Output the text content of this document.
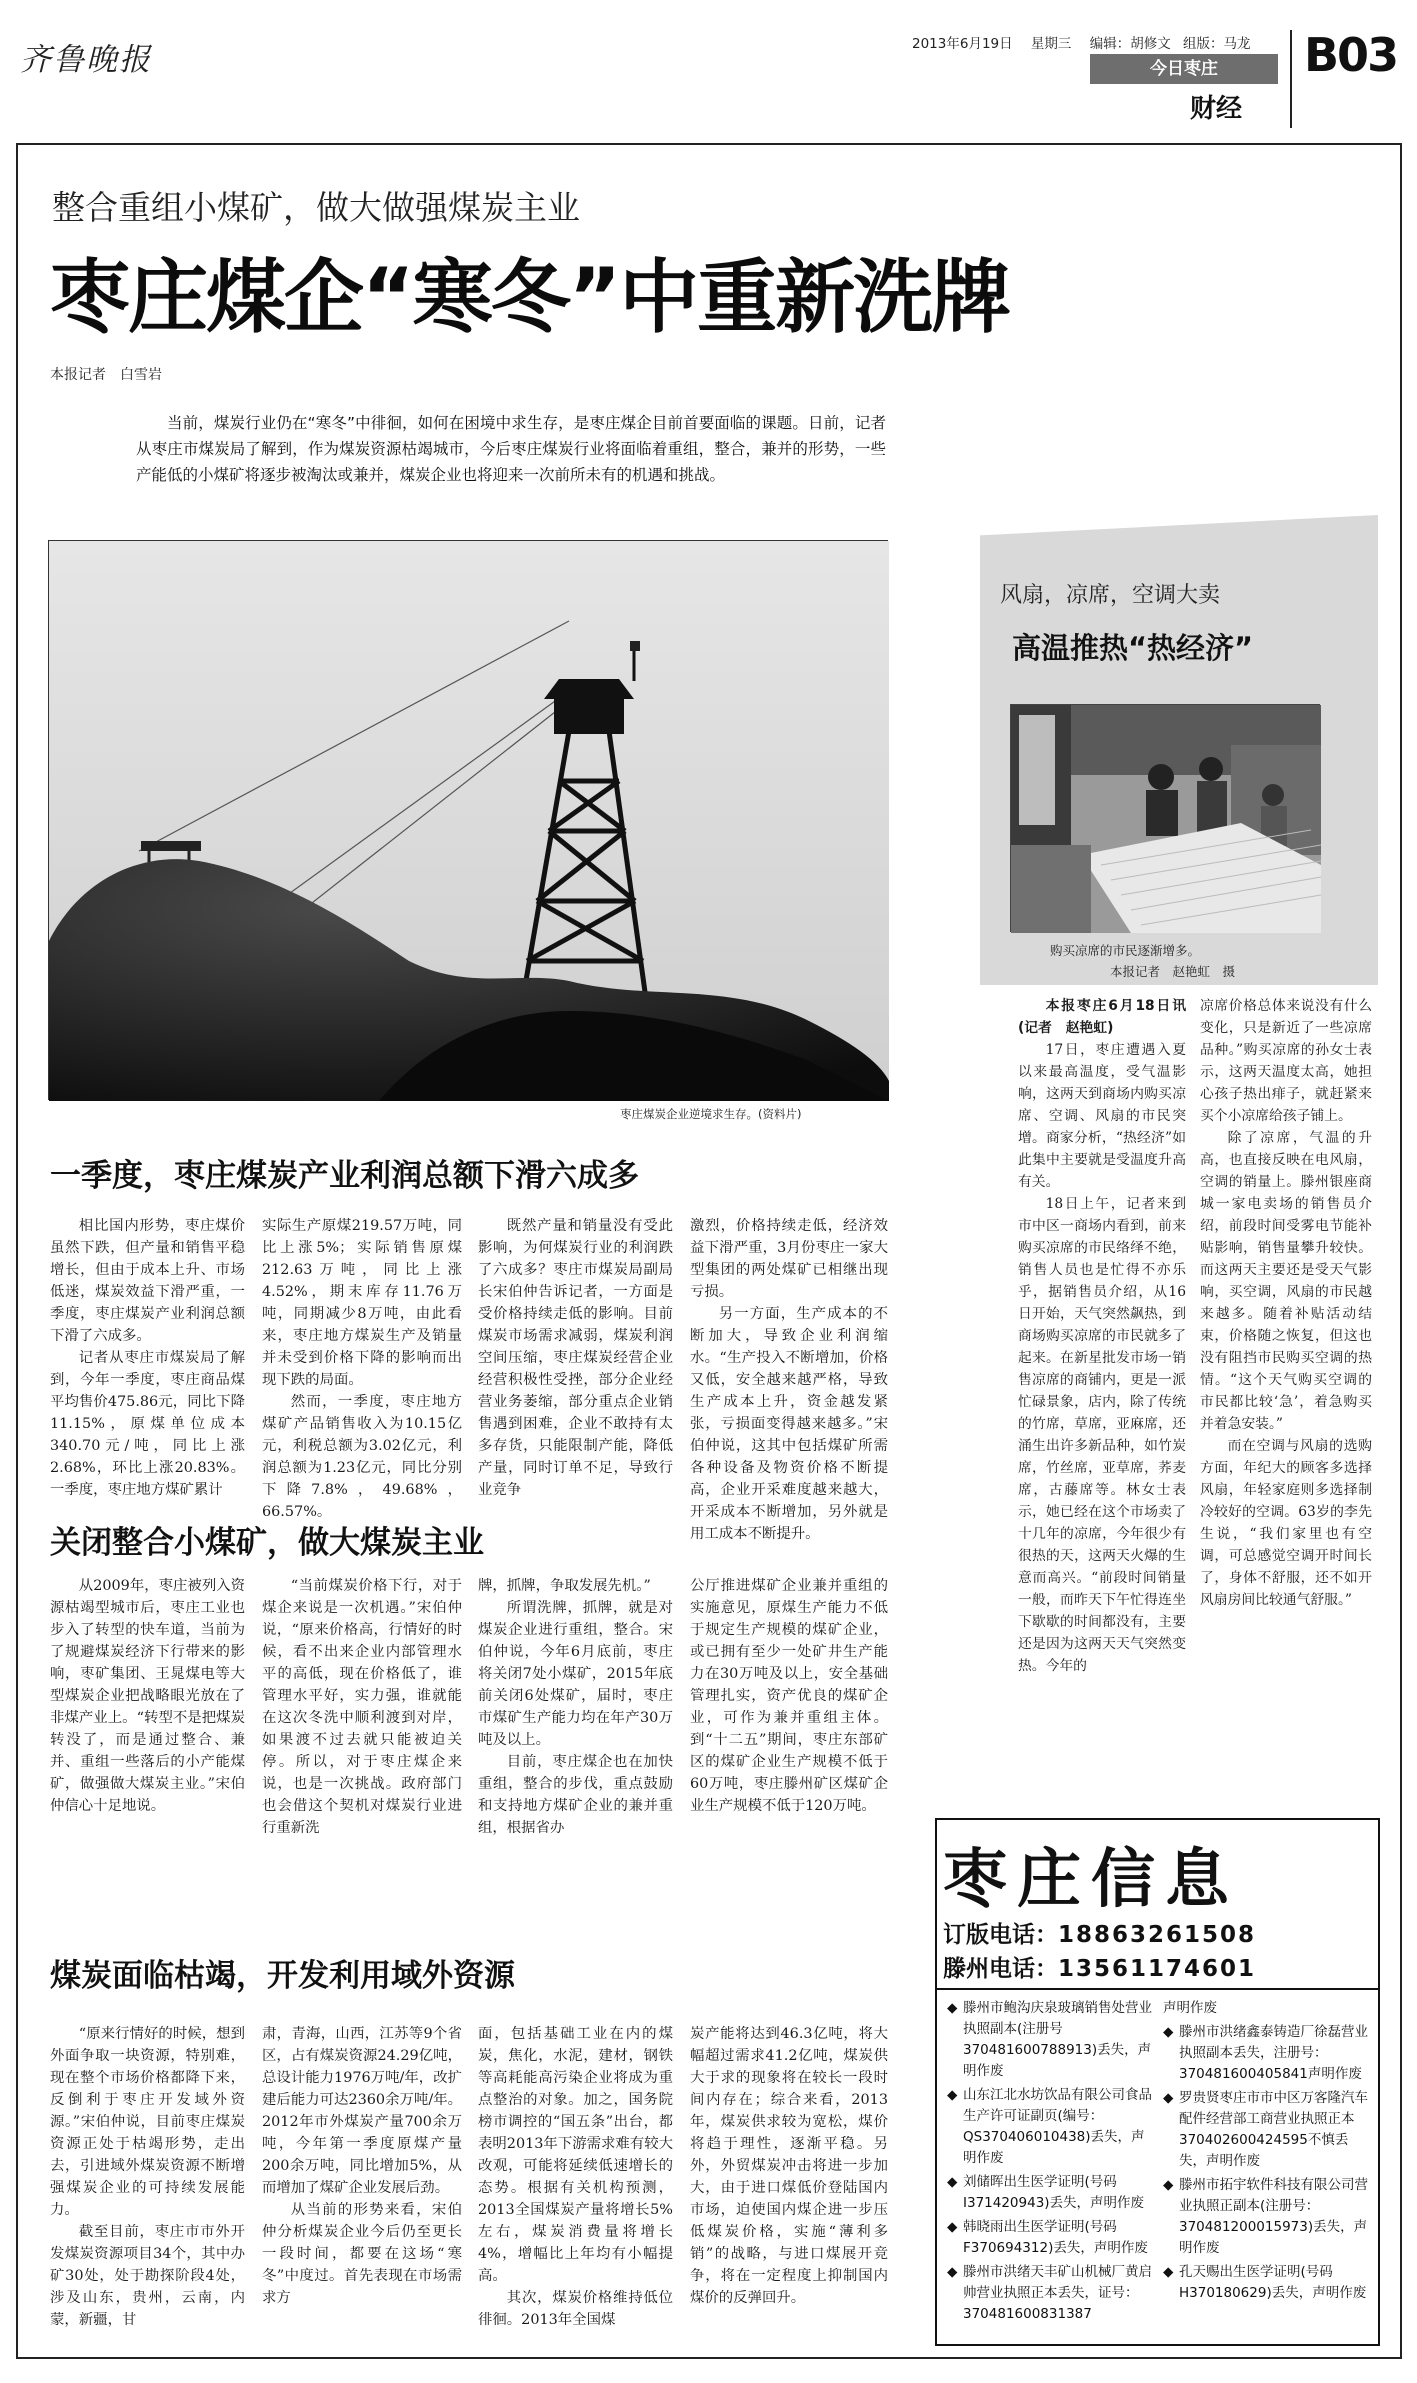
齐鲁晚报	2013年6月19日 星期三 编辑：胡修文 组版：马龙
今日枣庄
财经
B03
整合重组小煤矿，做大做强煤炭主业
枣庄煤企“寒冬”中重新洗牌
本报记者　白雪岩

当前，煤炭行业仍在“寒冬”中徘徊，如何在困境中求生存，是枣庄煤企目前首要面临的课题。日前，记者从枣庄市煤炭局了解到，作为煤炭资源枯竭城市，今后枣庄煤炭行业将面临着重组，整合，兼并的形势，一些产能低的小煤矿将逐步被淘汰或兼并，煤炭企业也将迎来一次前所未有的机遇和挑战。

枣庄煤炭企业逆境求生存。(资料片)
一季度，枣庄煤炭产业利润总额下滑六成多

相比国内形势，枣庄煤价虽然下跌，但产量和销售平稳增长，但由于成本上升、市场低迷，煤炭效益下滑严重，一季度，枣庄煤炭产业利润总额下滑了六成多。

记者从枣庄市煤炭局了解到，今年一季度，枣庄商品煤平均售价475.86元，同比下降11.15%，原煤单位成本340.70元/吨，同比上涨2.68%，环比上涨20.83%。一季度，枣庄地方煤矿累计

实际生产原煤219.57万吨，同比上涨5%；实际销售原煤212.63万吨，同比上涨4.52%，期末库存11.76万吨，同期减少8万吨，由此看来，枣庄地方煤炭生产及销量并未受到价格下降的影响而出现下跌的局面。

然而，一季度，枣庄地方煤矿产品销售收入为10.15亿元，利税总额为3.02亿元，利润总额为1.23亿元，同比分别下降7.8%，49.68%，66.57%。

既然产量和销量没有受此影响，为何煤炭行业的利润跌了六成多？枣庄市煤炭局副局长宋伯仲告诉记者，一方面是受价格持续走低的影响。目前煤炭市场需求减弱，煤炭利润空间压缩，枣庄煤炭经营企业经营积极性受挫，部分企业经营业务萎缩，部分重点企业销售遇到困难，企业不敢持有太多存货，只能限制产能，降低产量，同时订单不足，导致行业竞争

激烈，价格持续走低，经济效益下滑严重，3月份枣庄一家大型集团的两处煤矿已相继出现亏损。

另一方面，生产成本的不断加大，导致企业利润缩水。“生产投入不断增加，价格又低，安全越来越严格，导致生产成本上升，资金越发紧张，亏损面变得越来越多。”宋伯仲说，这其中包括煤矿所需各种设备及物资价格不断提高，企业开采难度越来越大，开采成本不断增加，另外就是用工成本不断提升。

关闭整合小煤矿，做大煤炭主业

从2009年，枣庄被列入资源枯竭型城市后，枣庄工业也步入了转型的快车道，当前为了规避煤炭经济下行带来的影响，枣矿集团、王晁煤电等大型煤炭企业把战略眼光放在了非煤产业上。“转型不是把煤炭转没了，而是通过整合、兼并、重组一些落后的小产能煤矿，做强做大煤炭主业。”宋伯仲信心十足地说。

“当前煤炭价格下行，对于煤企来说是一次机遇。”宋伯仲说，“原来价格高，行情好的时候，看不出来企业内部管理水平的高低，现在价格低了，谁管理水平好，实力强，谁就能在这次冬洗中顺利渡到对岸，如果渡不过去就只能被迫关停。所以，对于枣庄煤企来说，也是一次挑战。政府部门也会借这个契机对煤炭行业进行重新洗

牌，抓牌，争取发展先机。”

所谓洗牌，抓牌，就是对煤炭企业进行重组，整合。宋伯仲说，今年6月底前，枣庄将关闭7处小煤矿，2015年底前关闭6处煤矿，届时，枣庄市煤矿生产能力均在年产30万吨及以上。

目前，枣庄煤企也在加快重组，整合的步伐，重点鼓励和支持地方煤矿企业的兼并重组，根据省办

公厅推进煤矿企业兼并重组的实施意见，原煤生产能力不低于规定生产规模的煤矿企业，或已拥有至少一处矿井生产能力在30万吨及以上，安全基础管理扎实，资产优良的煤矿企业，可作为兼并重组主体。到“十二五”期间，枣庄东部矿区的煤矿企业生产规模不低于60万吨，枣庄滕州矿区煤矿企业生产规模不低于120万吨。

煤炭面临枯竭，开发利用域外资源

“原来行情好的时候，想到外面争取一块资源，特别难，现在整个市场价格都降下来，反倒利于枣庄开发域外资源。”宋伯仲说，目前枣庄煤炭资源正处于枯竭形势，走出去，引进域外煤炭资源不断增强煤炭企业的可持续发展能力。

截至目前，枣庄市市外开发煤炭资源项目34个，其中办矿30处，处于勘探阶段4处，涉及山东，贵州，云南，内蒙，新疆，甘

肃，青海，山西，江苏等9个省区，占有煤炭资源24.29亿吨，总设计能力1976万吨/年，改扩建后能力可达2360余万吨/年。2012年市外煤炭产量700余万吨，今年第一季度原煤产量200余万吨，同比增加5%，从而增加了煤矿企业发展后劲。

从当前的形势来看，宋伯仲分析煤炭企业今后仍至更长一段时间，都要在这场“寒冬”中度过。首先表现在市场需求方

面，包括基础工业在内的煤炭，焦化，水泥，建材，钢铁等高耗能高污染企业将成为重点整治的对象。加之，国务院榜市调控的“国五条”出台，都表明2013年下游需求难有较大改观，可能将延续低速增长的态势。根据有关机构预测，2013全国煤炭产量将增长5%左右，煤炭消费量将增长4%，增幅比上年均有小幅提高。

其次，煤炭价格维持低位徘徊。2013年全国煤

炭产能将达到46.3亿吨，将大幅超过需求41.2亿吨，煤炭供大于求的现象将在较长一段时间内存在；综合来看，2013年，煤炭供求较为宽松，煤价将趋于理性，逐渐平稳。另外，外贸煤炭冲击将进一步加大，由于进口煤低价登陆国内市场，迫使国内煤企进一步压低煤炭价格，实施“薄利多销”的战略，与进口煤展开竞争，将在一定程度上抑制国内煤价的反弹回升。

风扇，凉席，空调大卖
高温推热“热经济”
购买凉席的市民逐渐增多。
本报记者　赵艳虹　摄

本报枣庄6月18日讯(记者　赵艳虹)

17日，枣庄遭遇入夏以来最高温度，受气温影响，这两天到商场内购买凉席、空调、风扇的市民突增。商家分析，“热经济”如此集中主要就是受温度升高有关。

18日上午，记者来到市中区一商场内看到，前来购买凉席的市民络绎不绝，销售人员也是忙得不亦乐乎，据销售员介绍，从16日开始，天气突然飙热，到商场购买凉席的市民就多了起来。在新星批发市场一销售凉席的商铺内，更是一派忙碌景象，店内，除了传统的竹席，草席，亚麻席，还涌生出许多新品种，如竹炭席，竹丝席，亚草席，荞麦席，古藤席等。林女士表示，她已经在这个市场卖了十几年的凉席，今年很少有很热的天，这两天火爆的生意而高兴。“前段时间销量一般，而昨天下午忙得连坐下歇歇的时间都没有，主要还是因为这两天天气突然变热。今年的

凉席价格总体来说没有什么变化，只是新近了一些凉席品种。”购买凉席的孙女士表示，这两天温度太高，她担心孩子热出痱子，就赶紧来买个小凉席给孩子铺上。

除了凉席，气温的升高，也直接反映在电风扇，空调的销量上。滕州银座商城一家电卖场的销售员介绍，前段时间受雾电节能补贴影响，销售量攀升较快。而这两天主要还是受天气影响，买空调，风扇的市民越来越多。随着补贴活动结束，价格随之恢复，但这也没有阻挡市民购买空调的热情。“这个天气购买空调的市民都比较‘急’，着急购买并着急安装。”

而在空调与风扇的选购方面，年纪大的顾客多选择风扇，年轻家庭则多选择制冷较好的空调。63岁的李先生说，“我们家里也有空调，可总感觉空调开时间长了，身体不舒服，还不如开风扇房间比较通气舒服。”

枣庄信息
订版电话：18863261508
滕州电话：13561174601
◆ 滕州市鲍沟庆泉玻璃销售处营业执照副本(注册号370481600788913)丢失，声明作废
◆ 山东江北水坊饮品有限公司食品生产许可证副页(编号：QS370406010438)丢失，声明作废
◆ 刘储晖出生医学证明(号码I371420943)丢失，声明作废
◆ 韩晓雨出生医学证明(号码F370694312)丢失，声明作废
◆ 滕州市洪绪天丰矿山机械厂黄启帅营业执照正本丢失，证号：370481600831387
声明作废
◆ 滕州市洪绪鑫泰铸造厂徐磊营业执照副本丢失，注册号：370481600405841声明作废
◆ 罗贵贤枣庄市市中区万客隆汽车配件经营部工商营业执照正本370402600424595不慎丢失，声明作废
◆ 滕州市拓宇软件科技有限公司营业执照正副本(注册号：370481200015973)丢失，声明作废
◆ 孔天赐出生医学证明(号码H370180629)丢失，声明作废
